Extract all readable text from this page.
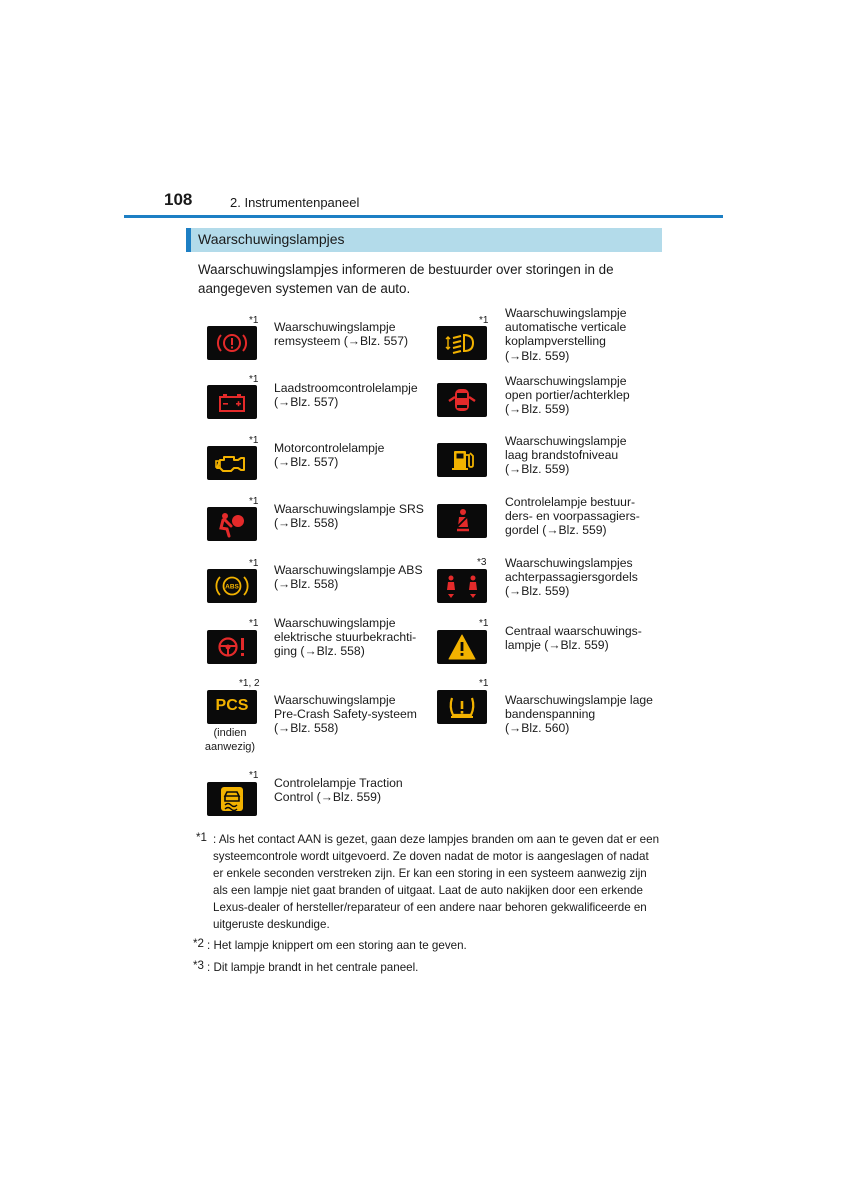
108	2. Instrumentenpaneel
Waarschuwingslampjes

Waarschuwingslampjes informeren de bestuurder over storingen in de aangegeven systemen van de auto.

*1 Waarschuwingslampje
remsysteem (→Blz. 557)

*1

Laadstroomcontrolelampje
(→Blz. 557)

*1

Motorcontrolelampje
(→Blz. 557)

*1

Waarschuwingslampje SRS
(→Blz. 558)

ABS
*1 Waarschuwingslampje ABS
(→Blz. 558)

*1 Waarschuwingslampje
elektrische stuurbekrachti-
ging (→Blz. 558)

PCS
*1, 2
(indien
aanwezig)

Waarschuwingslampje
Pre-Crash Safety-systeem
(→Blz. 558)

*1

Controlelampje Traction
Control (→Blz. 559)

*1

Waarschuwingslampje
automatische verticale
koplampverstelling
(→Blz. 559)

Waarschuwingslampje
open portier/achterklep
(→Blz. 559)

Waarschuwingslampje
laag brandstofniveau
(→Blz. 559)

Controlelampje bestuur-
ders- en voorpassagiers-
gordel (→Blz. 559)

*3 Waarschuwingslampjes
achterpassagiersgordels
(→Blz. 559)

*1

Centraal waarschuwings-
lampje (→Blz. 559)

*1

Waarschuwingslampje lage
bandenspanning
(→Blz. 560)

*1 : Als het contact AAN is gezet, gaan deze lampjes branden om aan te geven dat er een
systeemcontrole wordt uitgevoerd. Ze doven nadat de motor is aangeslagen of nadat
er enkele seconden verstreken zijn. Er kan een storing in een systeem aanwezig zijn
als een lampje niet gaat branden of uitgaat. Laat de auto nakijken door een erkende
Lexus-dealer of hersteller/reparateur of een andere naar behoren gekwalificeerde en
uitgeruste deskundige.
*2 : Het lampje knippert om een storing aan te geven.
*3 : Dit lampje brandt in het centrale paneel.
